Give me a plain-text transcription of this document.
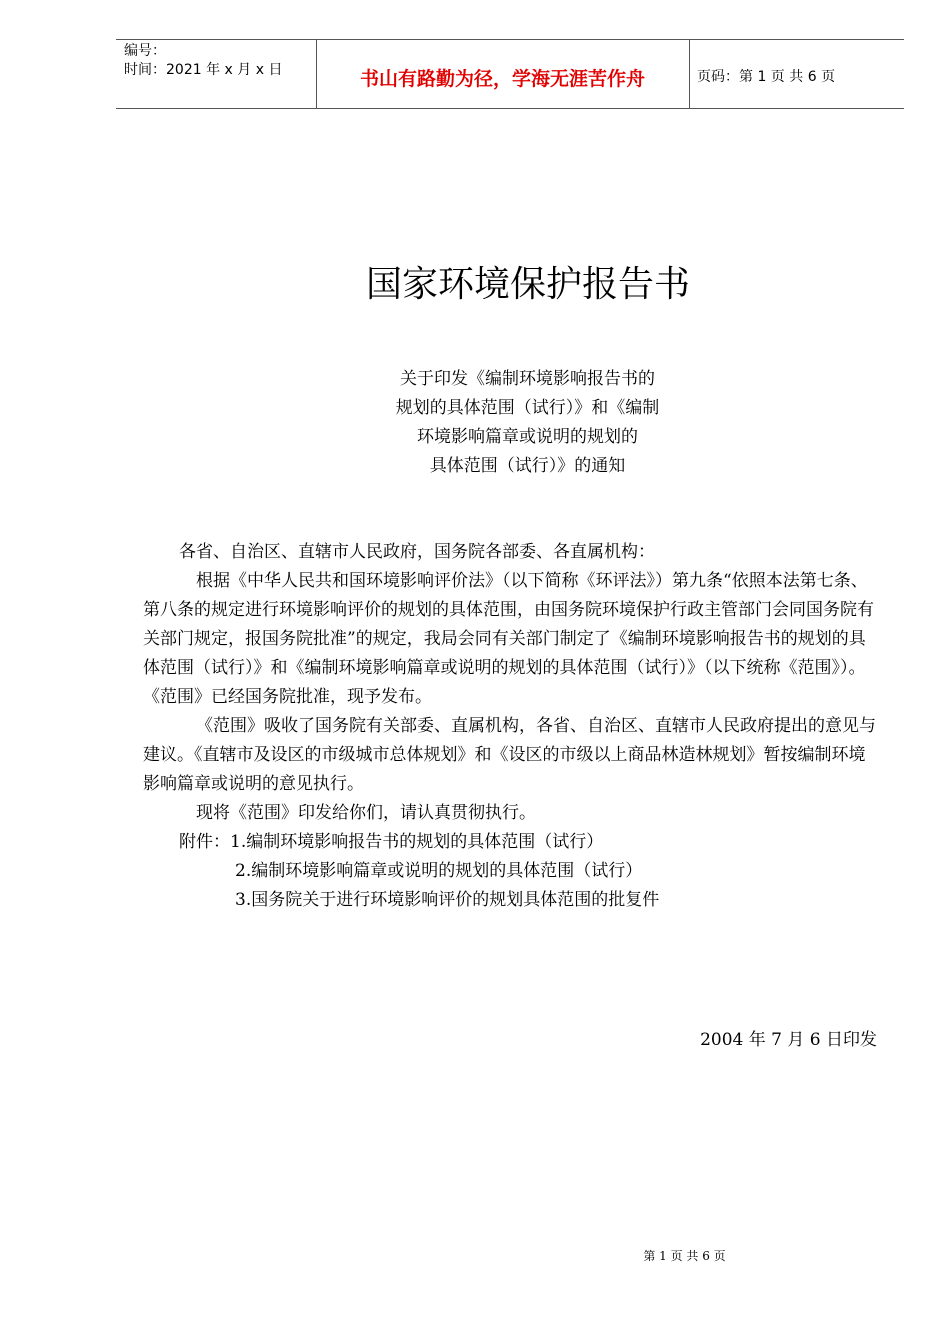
编号：
时间：2021 年 x 月 x 日	书山有路勤为径，学海无涯苦作舟	页码：第 1 页 共 6 页
国家环境保护报告书
关于印发《编制环境影响报告书的
规划的具体范围（试行）》和《编制
环境影响篇章或说明的规划的
具体范围（试行）》的通知

各省、自治区、直辖市人民政府，国务院各部委、各直属机构：

根据《中华人民共和国环境影响评价法》（以下简称《环评法》）第九条“依照本法第七条、第八条的规定进行环境影响评价的规划的具体范围，由国务院环境保护行政主管部门会同国务院有关部门规定，报国务院批准”的规定，我局会同有关部门制定了《编制环境影响报告书的规划的具体范围（试行）》和《编制环境影响篇章或说明的规划的具体范围（试行）》（以下统称《范围》）。《范围》已经国务院批准，现予发布。

《范围》吸收了国务院有关部委、直属机构，各省、自治区、直辖市人民政府提出的意见与建议。《直辖市及设区的市级城市总体规划》和《设区的市级以上商品林造林规划》暂按编制环境影响篇章或说明的意见执行。

现将《范围》印发给你们，请认真贯彻执行。

附件：1.编制环境影响报告书的规划的具体范围（试行）

2.编制环境影响篇章或说明的规划的具体范围（试行）

3.国务院关于进行环境影响评价的规划具体范围的批复件

2004 年 7 月 6 日印发
第 1 页 共 6 页
